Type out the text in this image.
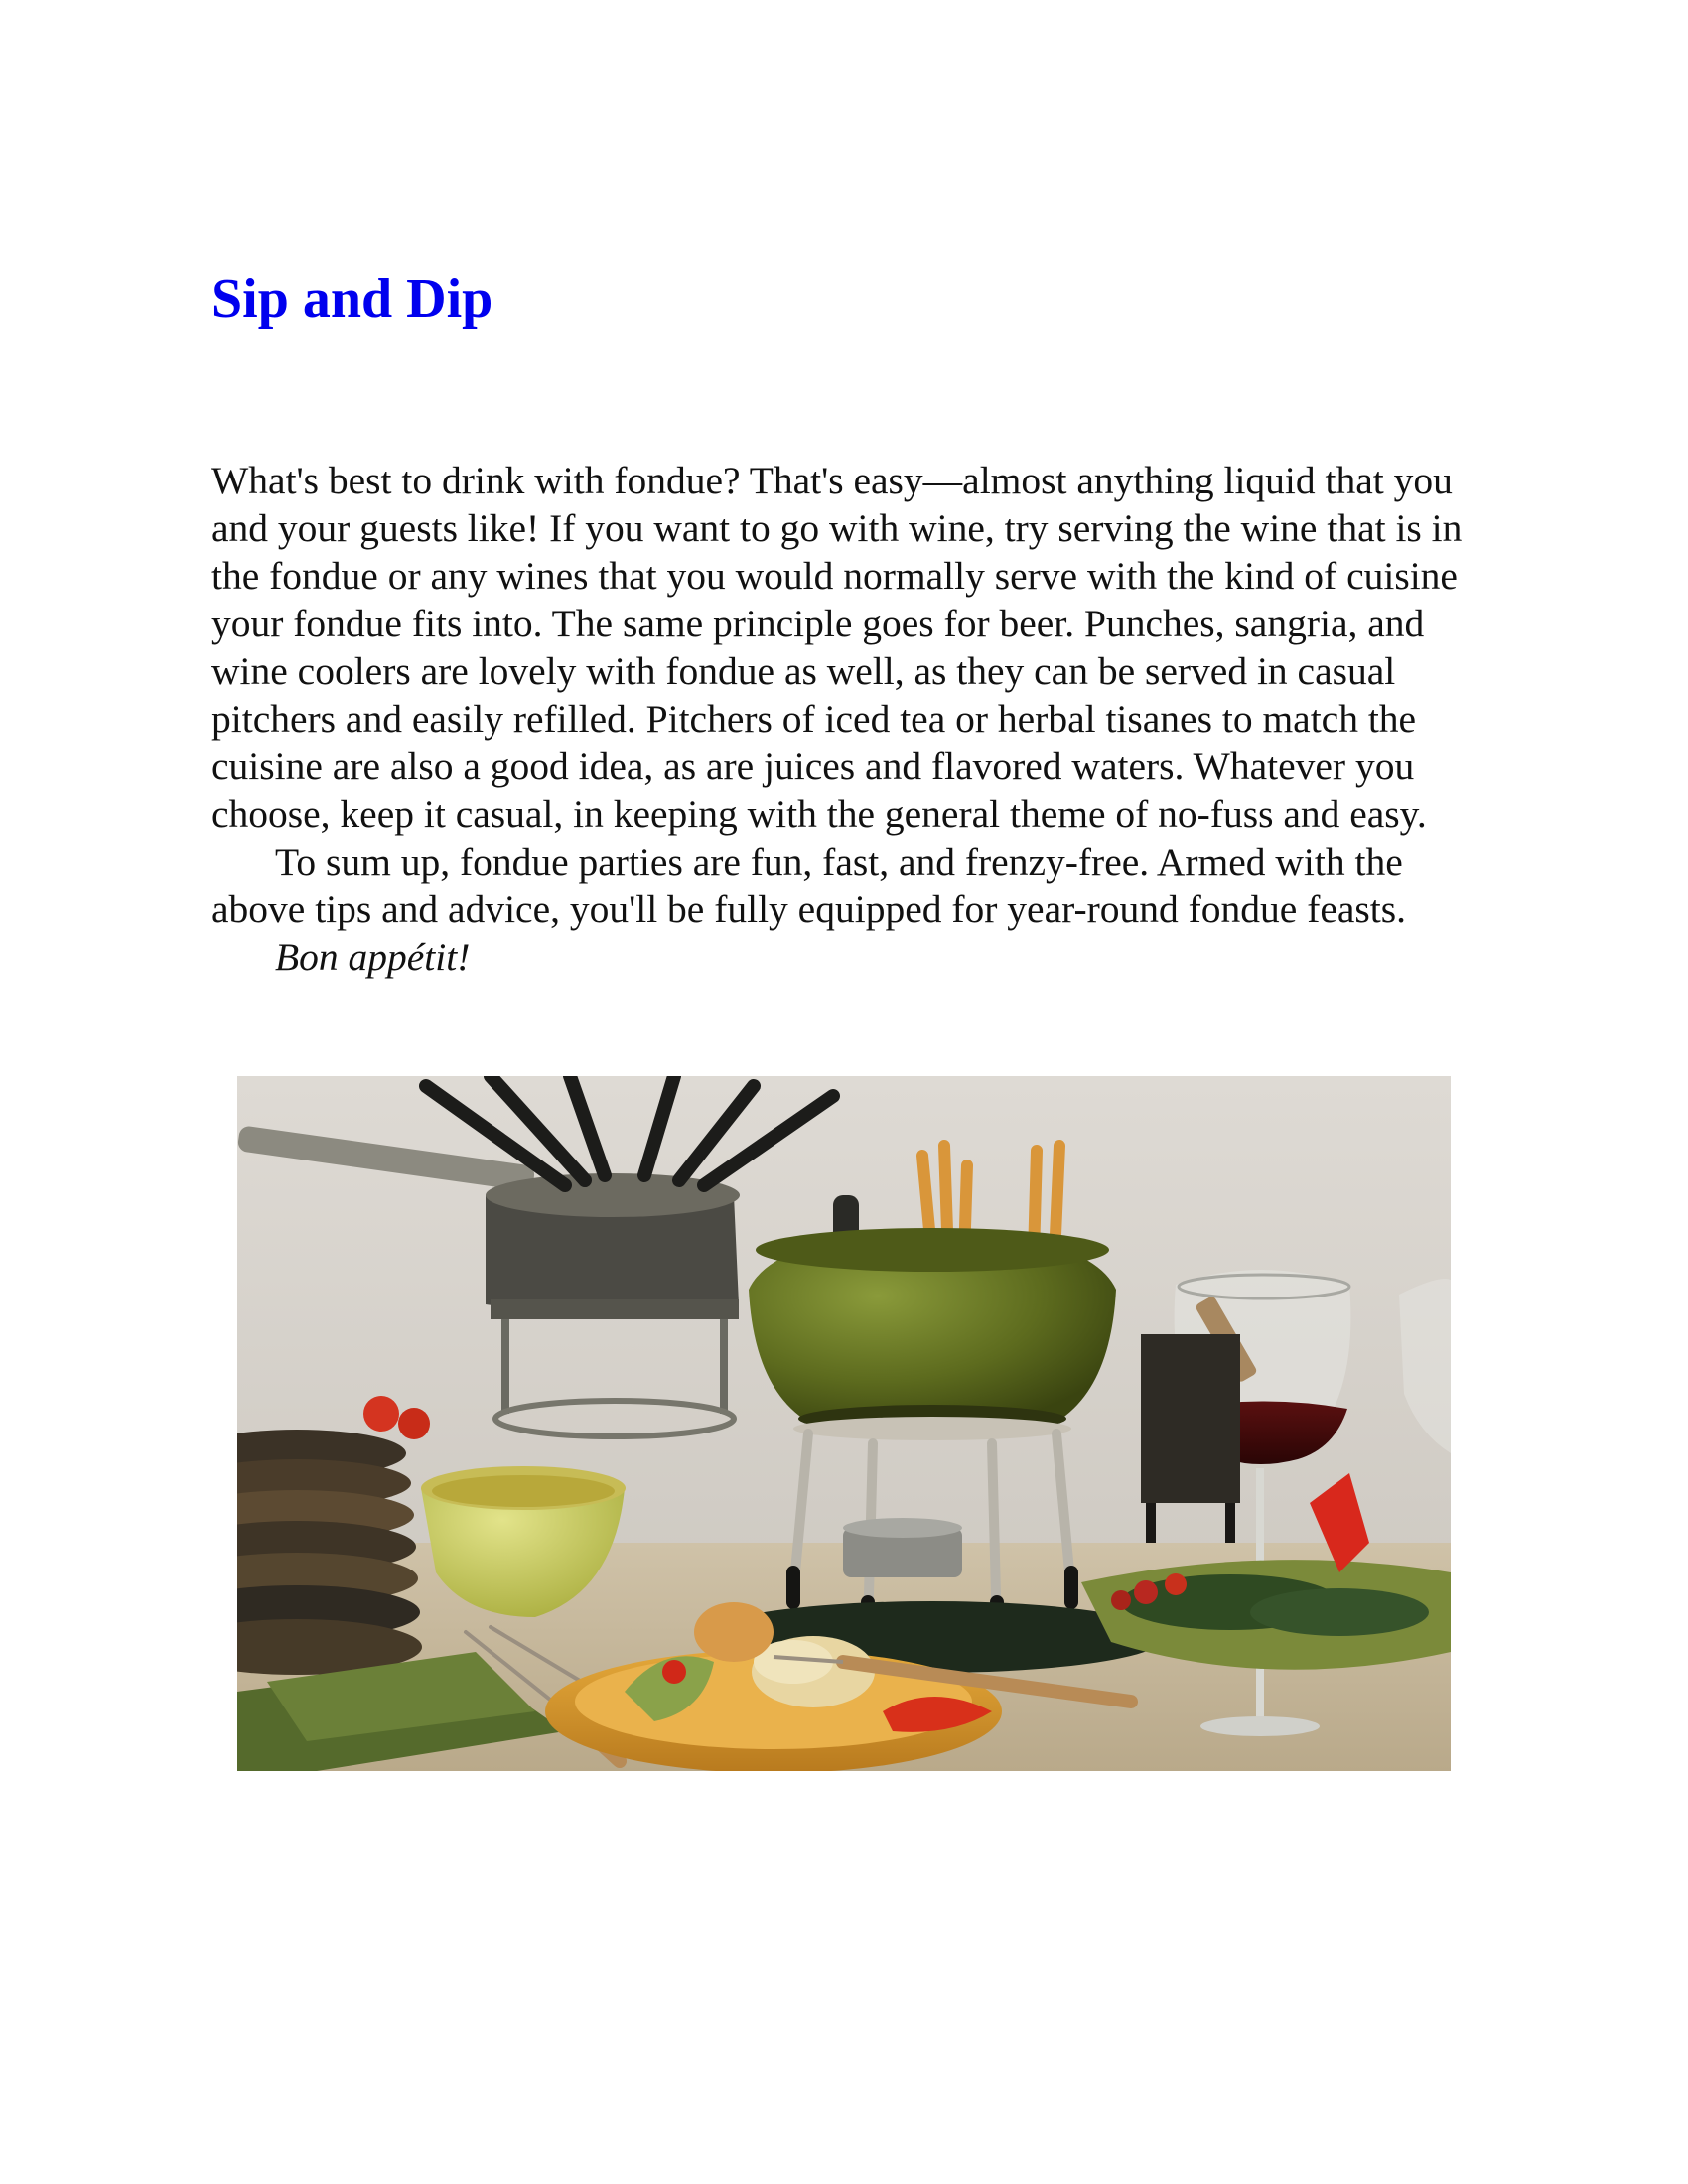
Sip and Dip

What's best to drink with fondue? That's easy—almost anything liquid that you and your guests like! If you want to go with wine, try serving the wine that is in the fondue or any wines that you would normally serve with the kind of cuisine your fondue fits into. The same principle goes for beer. Punches, sangria, and wine coolers are lovely with fondue as well, as they can be served in casual pitchers and easily refilled. Pitchers of iced tea or herbal tisanes to match the cuisine are also a good idea, as are juices and flavored waters. Whatever you choose, keep it casual, in keeping with the general theme of no-fuss and easy.

To sum up, fondue parties are fun, fast, and frenzy-free. Armed with the above tips and advice, you'll be fully equipped for year-round fondue feasts.
Bon appétit!
